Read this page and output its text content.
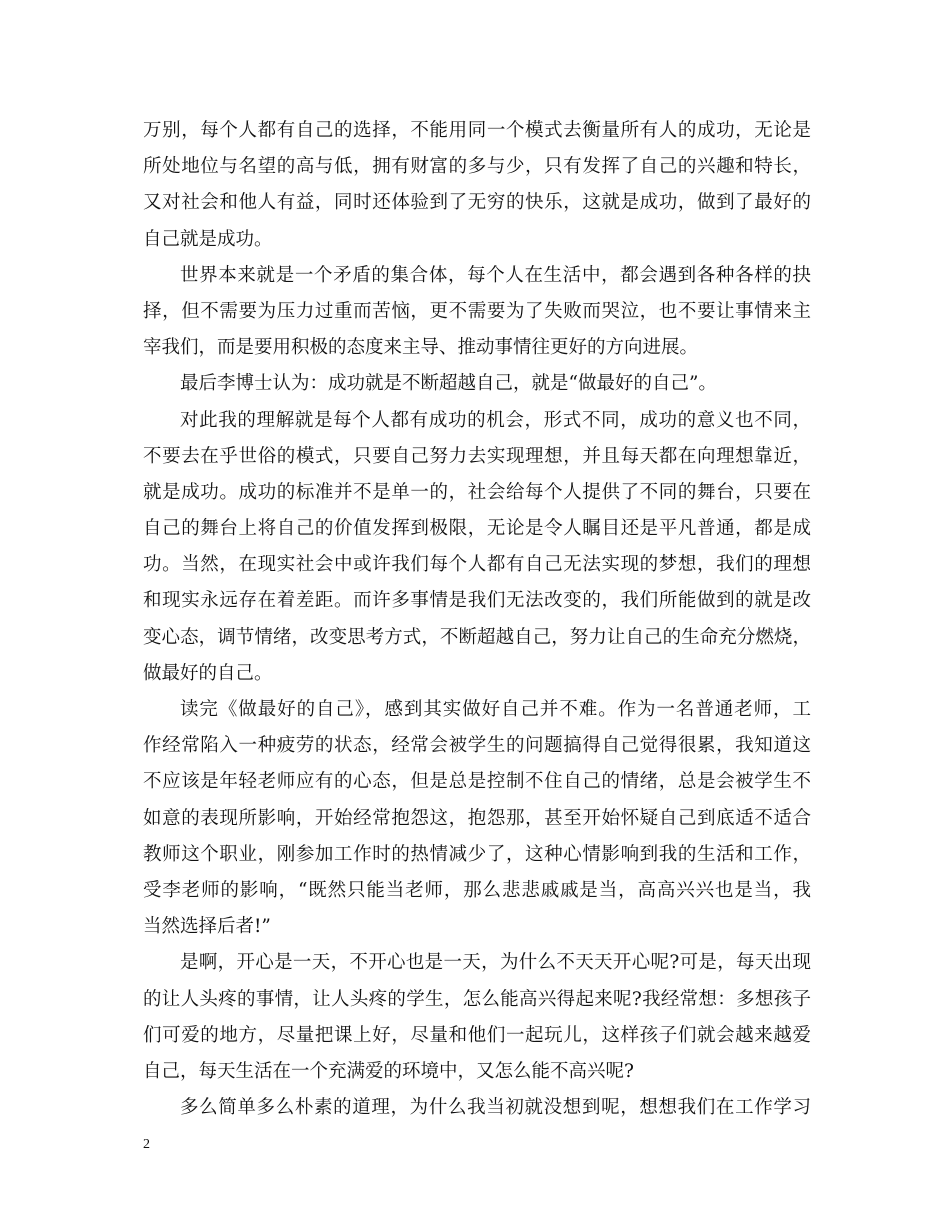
万别，每个人都有自己的选择，不能用同一个模式去衡量所有人的成功，无论是
所处地位与名望的高与低，拥有财富的多与少，只有发挥了自己的兴趣和特长，
又对社会和他人有益，同时还体验到了无穷的快乐，这就是成功，做到了最好的
自己就是成功。
世界本来就是一个矛盾的集合体，每个人在生活中，都会遇到各种各样的抉
择，但不需要为压力过重而苦恼，更不需要为了失败而哭泣，也不要让事情来主
宰我们，而是要用积极的态度来主导、推动事情往更好的方向进展。
最后李博士认为：成功就是不断超越自己，就是“做最好的自己”。
对此我的理解就是每个人都有成功的机会，形式不同，成功的意义也不同，
不要去在乎世俗的模式，只要自己努力去实现理想，并且每天都在向理想靠近，
就是成功。成功的标准并不是单一的，社会给每个人提供了不同的舞台，只要在
自己的舞台上将自己的价值发挥到极限，无论是令人瞩目还是平凡普通，都是成
功。当然，在现实社会中或许我们每个人都有自己无法实现的梦想，我们的理想
和现实永远存在着差距。而许多事情是我们无法改变的，我们所能做到的就是改
变心态，调节情绪，改变思考方式，不断超越自己，努力让自己的生命充分燃烧，
做最好的自己。
读完《做最好的自己》，感到其实做好自己并不难。作为一名普通老师，工
作经常陷入一种疲劳的状态，经常会被学生的问题搞得自己觉得很累，我知道这
不应该是年轻老师应有的心态，但是总是控制不住自己的情绪，总是会被学生不
如意的表现所影响，开始经常抱怨这，抱怨那，甚至开始怀疑自己到底适不适合
教师这个职业，刚参加工作时的热情减少了，这种心情影响到我的生活和工作，
受李老师的影响，“既然只能当老师，那么悲悲戚戚是当，高高兴兴也是当，我
当然选择后者!”
是啊，开心是一天，不开心也是一天，为什么不天天开心呢?可是，每天出现
的让人头疼的事情，让人头疼的学生，怎么能高兴得起来呢?我经常想：多想孩子
们可爱的地方，尽量把课上好，尽量和他们一起玩儿，这样孩子们就会越来越爱
自己，每天生活在一个充满爱的环境中，又怎么能不高兴呢?
多么简单多么朴素的道理，为什么我当初就没想到呢，想想我们在工作学习
2
